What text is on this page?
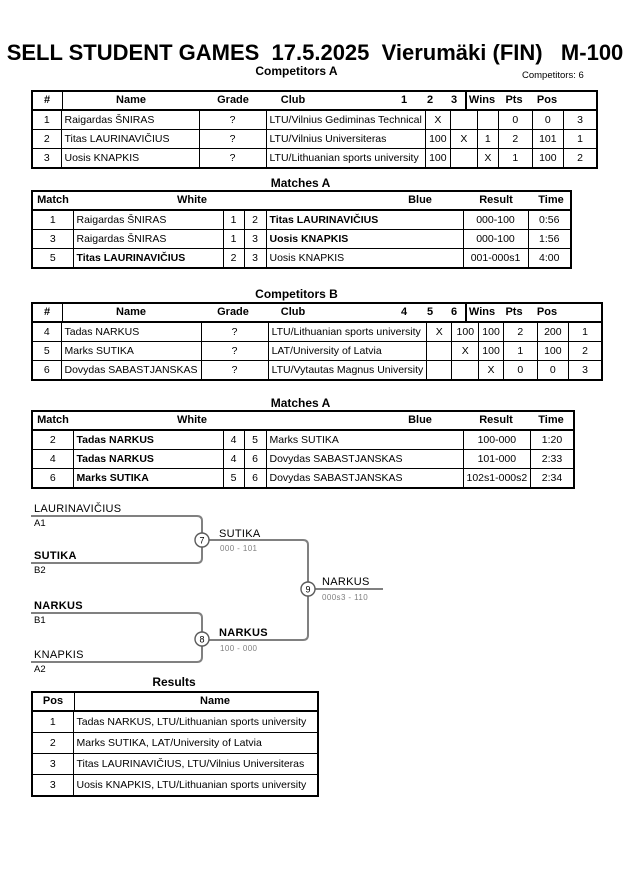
SELL STUDENT GAMES  17.5.2025  Vierumäki (FIN)   M-100
Competitors A	Competitors: 6
#	Name	Grade	Club	1 2 3 Wins Pts Pos

1	Raigardas ŠNIRAS	?	LTU/Vilnius Gediminas Technical	X			0	0	3
2	Titas LAURINAVIČIUS	?	LTU/Vilnius Universiteras	100	X	1	2	101	1
3	Uosis KNAPKIS	?	LTU/Lithuanian sports university	100		X	1	100	2
Matches A
Match White Blue Result Time						

1	Raigardas ŠNIRAS	1	2	Titas LAURINAVIČIUS	000-100	0:56
3	Raigardas ŠNIRAS	1	3	Uosis KNAPKIS	000-100	1:56
5	Titas LAURINAVIČIUS	2	3	Uosis KNAPKIS	001-000s1	4:00
Competitors B
#	Name	Grade	Club	4 5 6 Wins Pts Pos

4	Tadas NARKUS	?	LTU/Lithuanian sports university	X	100	100	2	200	1
5	Marks SUTIKA	?	LAT/University of Latvia		X	100	1	100	2
6	Dovydas SABASTJANSKAS	?	LTU/Vytautas Magnus University			X	0	0	3
Matches A
Match White Blue Result Time						

2	Tadas NARKUS	4	5	Marks SUTIKA	100-000	1:20
4	Tadas NARKUS	4	6	Dovydas SABASTJANSKAS	101-000	2:33
6	Marks SUTIKA	5	6	Dovydas SABASTJANSKAS	102s1-000s2	2:34
7
8
9
LAURINAVIČIUS
A1
SUTIKA
B2
SUTIKA
000 - 101
NARKUS
B1
KNAPKIS
A2
NARKUS
100 - 000
NARKUS
000s3 - 110
Results
Pos Name	

1	Tadas NARKUS, LTU/Lithuanian sports university
2	Marks SUTIKA, LAT/University of Latvia
3	Titas LAURINAVIČIUS, LTU/Vilnius Universiteras
3	Uosis KNAPKIS, LTU/Lithuanian sports university
